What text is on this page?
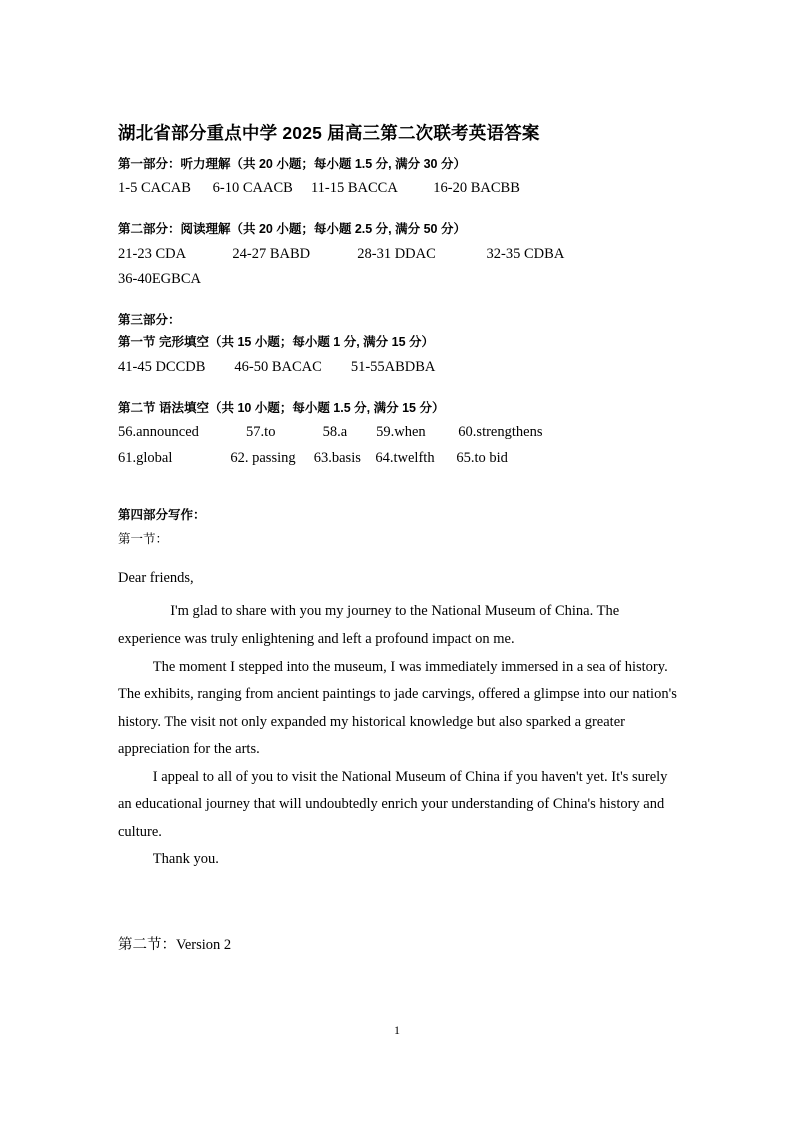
湖北省部分重点中学 2025 届高三第二次联考英语答案
第一部分：听力理解（共 20 小题；每小题 1.5 分, 满分 30 分）
1-5 CACAB      6-10 CAACB     11-15 BACCA          16-20 BACBB
第二部分：阅读理解（共 20 小题；每小题 2.5 分, 满分 50 分）
21-23 CDA             24-27 BABD             28-31 DDAC              32-35 CDBA
36-40EGBCA
第三部分：
第一节 完形填空（共 15 小题；每小题 1 分, 满分 15 分）
41-45 DCCDB        46-50 BACAC        51-55ABDBA
第二节 语法填空（共 10 小题；每小题 1.5 分, 满分 15 分）
56.announced             57.to             58.a        59.when         60.strengthens
61.global                62. passing     63.basis    64.twelfth      65.to bid
第四部分写作：
第一节：

Dear friends,

I'm glad to share with you my journey to the National Museum of China. The experience was truly enlightening and left a profound impact on me.

The moment I stepped into the museum, I was immediately immersed in a sea of history. The exhibits, ranging from ancient paintings to jade carvings, offered a glimpse into our nation's history. The visit not only expanded my historical knowledge but also sparked a greater appreciation for the arts.

I appeal to all of you to visit the National Museum of China if you haven't yet. It's surely an educational journey that will undoubtedly enrich your understanding of China's history and culture.

Thank you.

第二节：Version 2
1
